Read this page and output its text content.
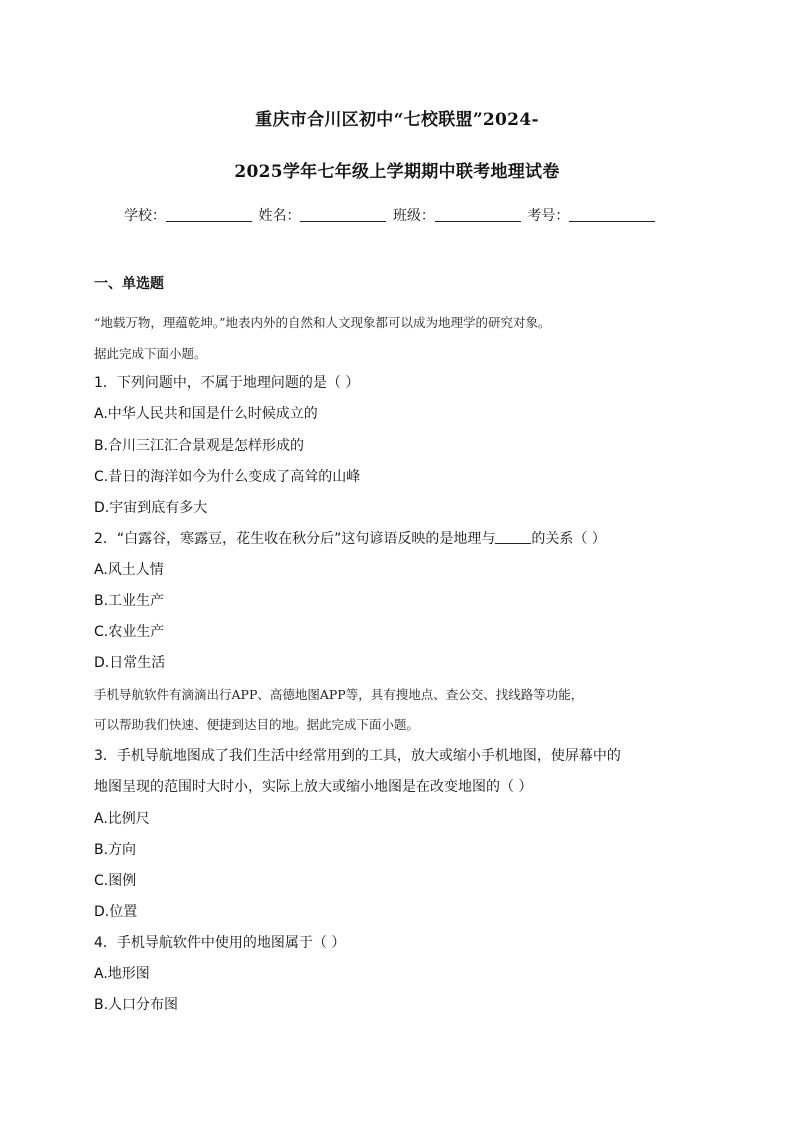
重庆市合川区初中“七校联盟”2024-
2025学年七年级上学期期中联考地理试卷
学校：	姓名：	班级：	考号：
一、单选题
“地载万物，理蕴乾坤。”地表内外的自然和人文现象都可以成为地理学的研究对象。
据此完成下面小题。
1．下列问题中，不属于地理问题的是（ ）
A.中华人民共和国是什么时候成立的
B.合川三江汇合景观是怎样形成的
C.昔日的海洋如今为什么变成了高耸的山峰
D.宇宙到底有多大
2．“白露谷，寒露豆，花生收在秋分后”这句谚语反映的是地理与	的关系（ ）
A.风土人情
B.工业生产
C.农业生产
D.日常生活
手机导航软件有滴滴出行APP、高德地图APP等，具有搜地点、查公交、找线路等功能，
可以帮助我们快速、便捷到达目的地。据此完成下面小题。
3．手机导航地图成了我们生活中经常用到的工具，放大或缩小手机地图，使屏幕中的
地图呈现的范围时大时小，实际上放大或缩小地图是在改变地图的（ ）
A.比例尺
B.方向
C.图例
D.位置
4．手机导航软件中使用的地图属于（ ）
A.地形图
B.人口分布图
